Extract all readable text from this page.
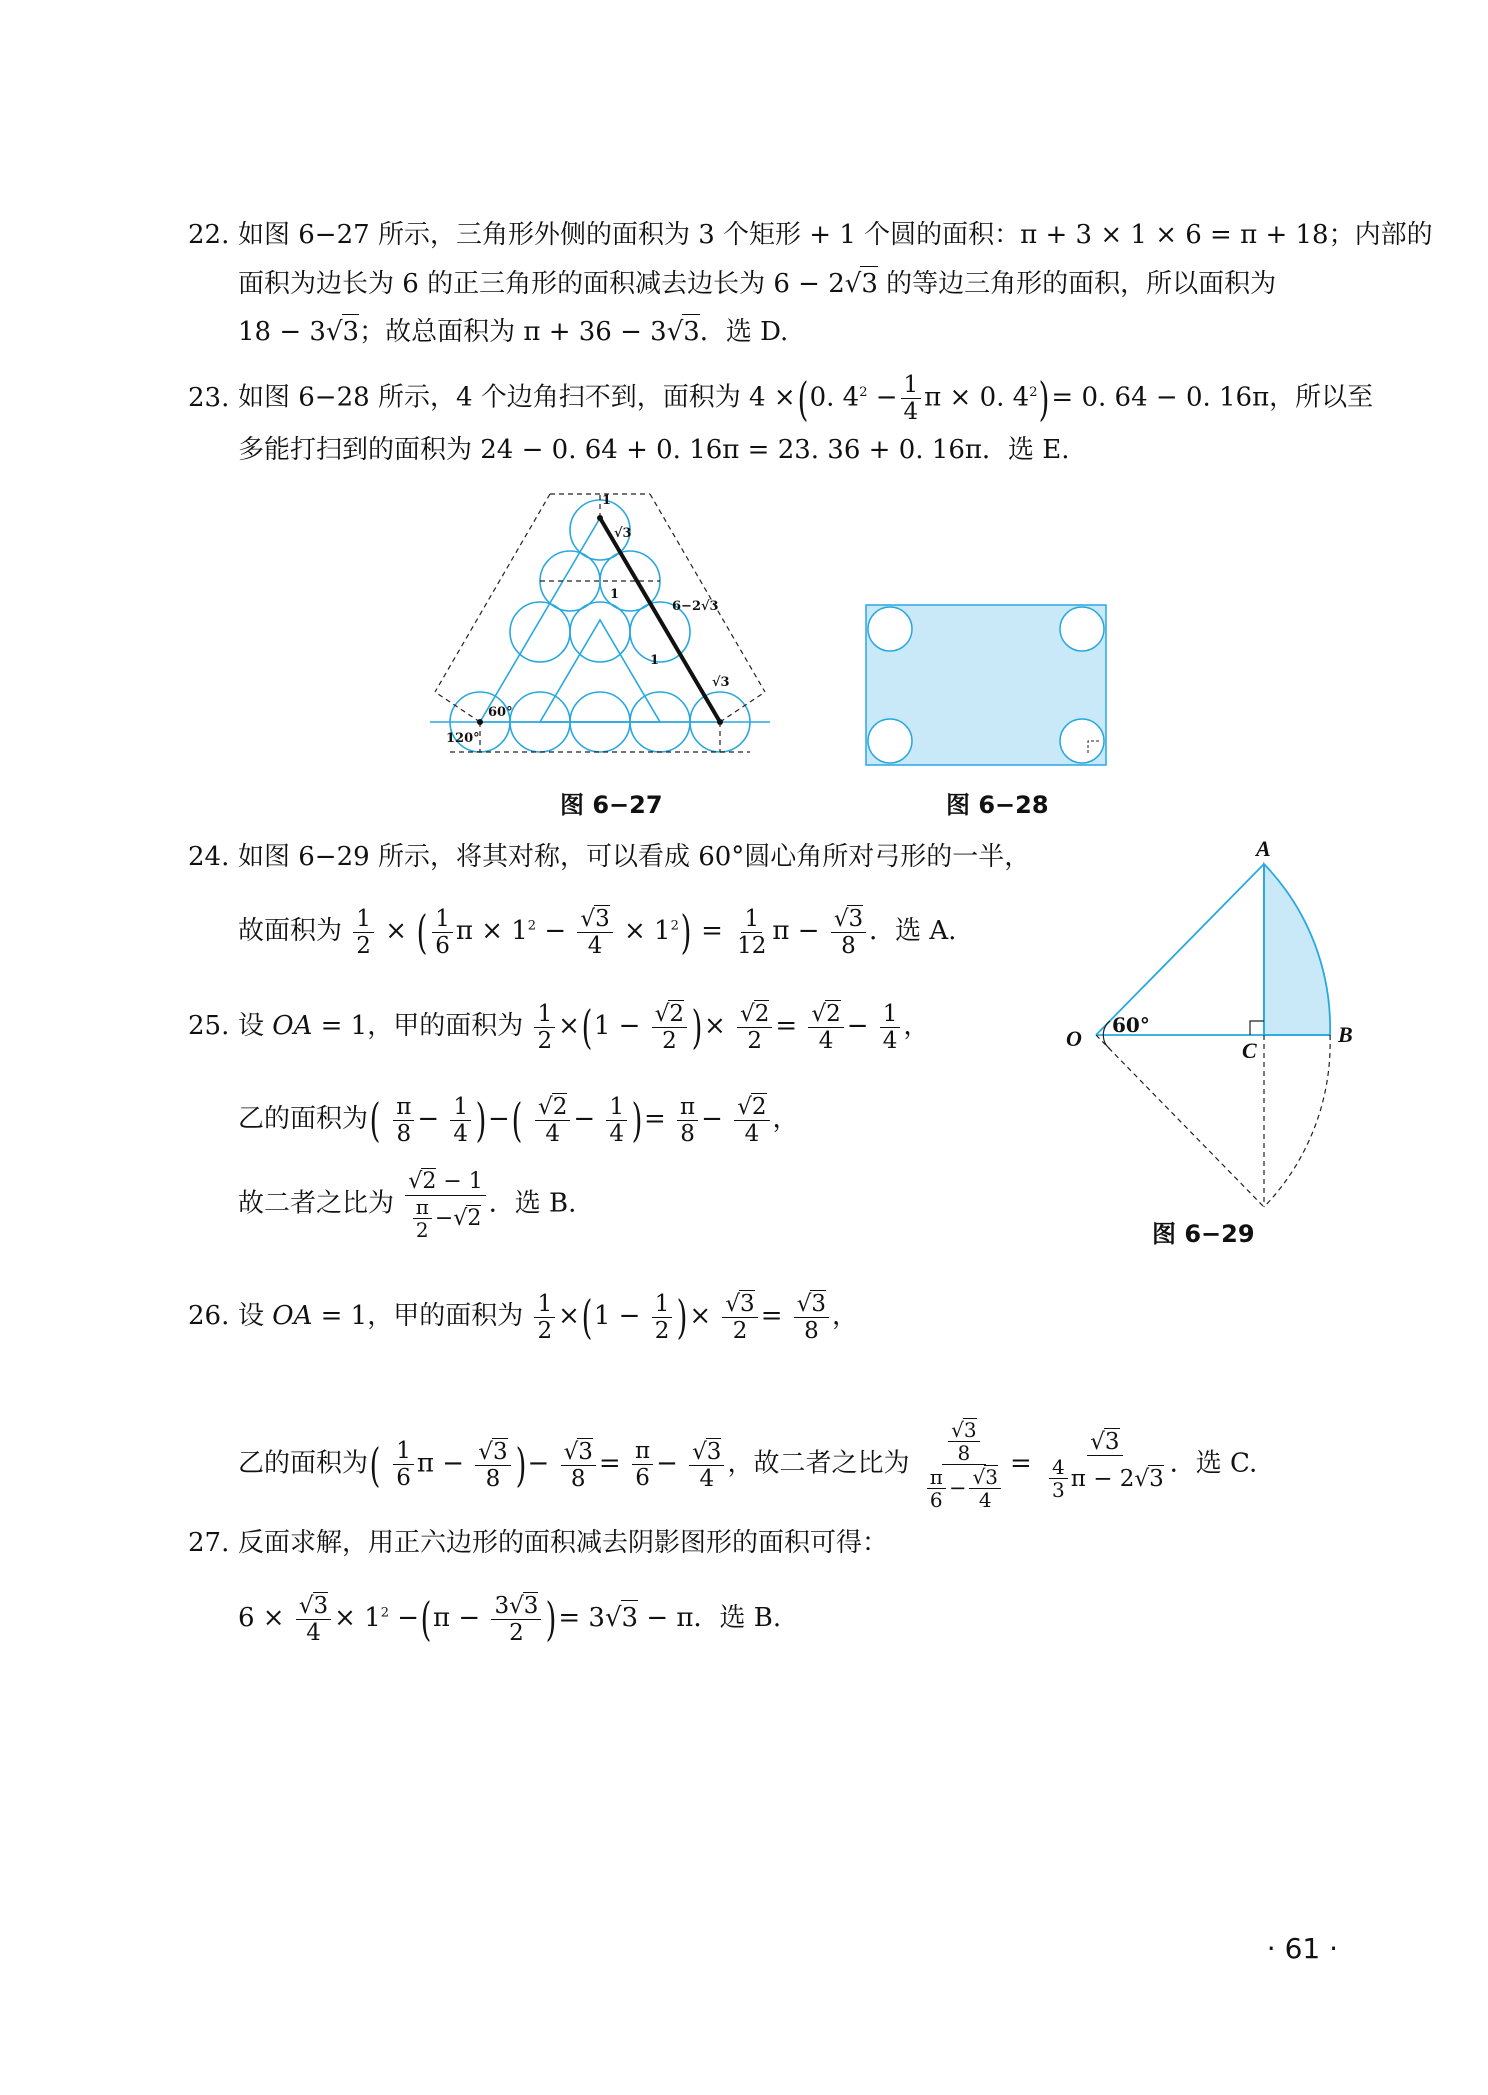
22. 如图 6−27 所示，三角形外侧的面积为 3 个矩形 + 1 个圆的面积：π + 3 × 1 × 6 = π + 18；内部的
面积为边长为 6 的正三角形的面积减去边长为 6 − 2√3 的等边三角形的面积，所以面积为
18 − 3√3；故总面积为 π + 36 − 3√3．选 D.
23. 如图 6−28 所示，4 个边角扫不到，面积为 4 ×(0. $4^2 - \frac{1}{4}$ π × 0. $4^2)= 0$. 64 − 0. 16π，所以至
多能打扫到的面积为 24 − 0. 64 + 0. 16π = 23. 36 + 0. 16π．选 E.
1
√3
1
6−2√3
1
√3
60°
120°
图 6−27	图 6−28
24. 如图 6−29 所示，将其对称，可以看成 60°圆心角所对弓形的一半，
故面积为 $\frac{1}{2}$ × ( $\frac{1}{6}$ $\pi \times 1^2 - \frac{√3}{4} \times 1^2) = \frac{1}{12}$ $\pi - \frac{√3}{8}$ ．选 A.
25. 设 OA = 1，甲的面积为 $\frac{1}{2} \times(1 - \frac{√2}{2}$ )× $\frac{√2}{2} = \frac{√2}{4} - \frac{1}{4}$ ，
乙的面积为( $\frac{\pi}{8} - \frac{1}{4}$ )−( $\frac{√2}{4} - \frac{1}{4}$ )= $\frac{\pi}{8} - \frac{√2}{4}$ ，
故二者之比为 $\frac{√2 - 1}{\frac{\pi}{2} - √ 2}$ ．选 B.
A
B
C
O
60°
图 6−29
26. 设 OA = 1，甲的面积为 $\frac{1}{2} \times(1 - \frac{1}{2}$ )× $\frac{√3}{2} = \frac{√3}{8}$ ，
乙的面积为( $\frac{1}{6}$ $\pi - \frac{√3}{8}$ )− $\frac{√3}{8} = \frac{\pi}{6} - \frac{√3}{4}$ ，故二者之比为 $\frac{\frac{√3}{8}}{\frac{\pi}{6} - \frac{√3}{4}} = \frac{√3}{\frac{4}{3} \pi - 2 √ 3}$ ．选 C.
27. 反面求解，用正六边形的面积减去阴影图形的面积可得：
$6 \times \frac{√3}{4} \times 1^2 -(\pi - \frac{3√3}{2}$ )= 3√3 − π．选 B.
· 61 ·
